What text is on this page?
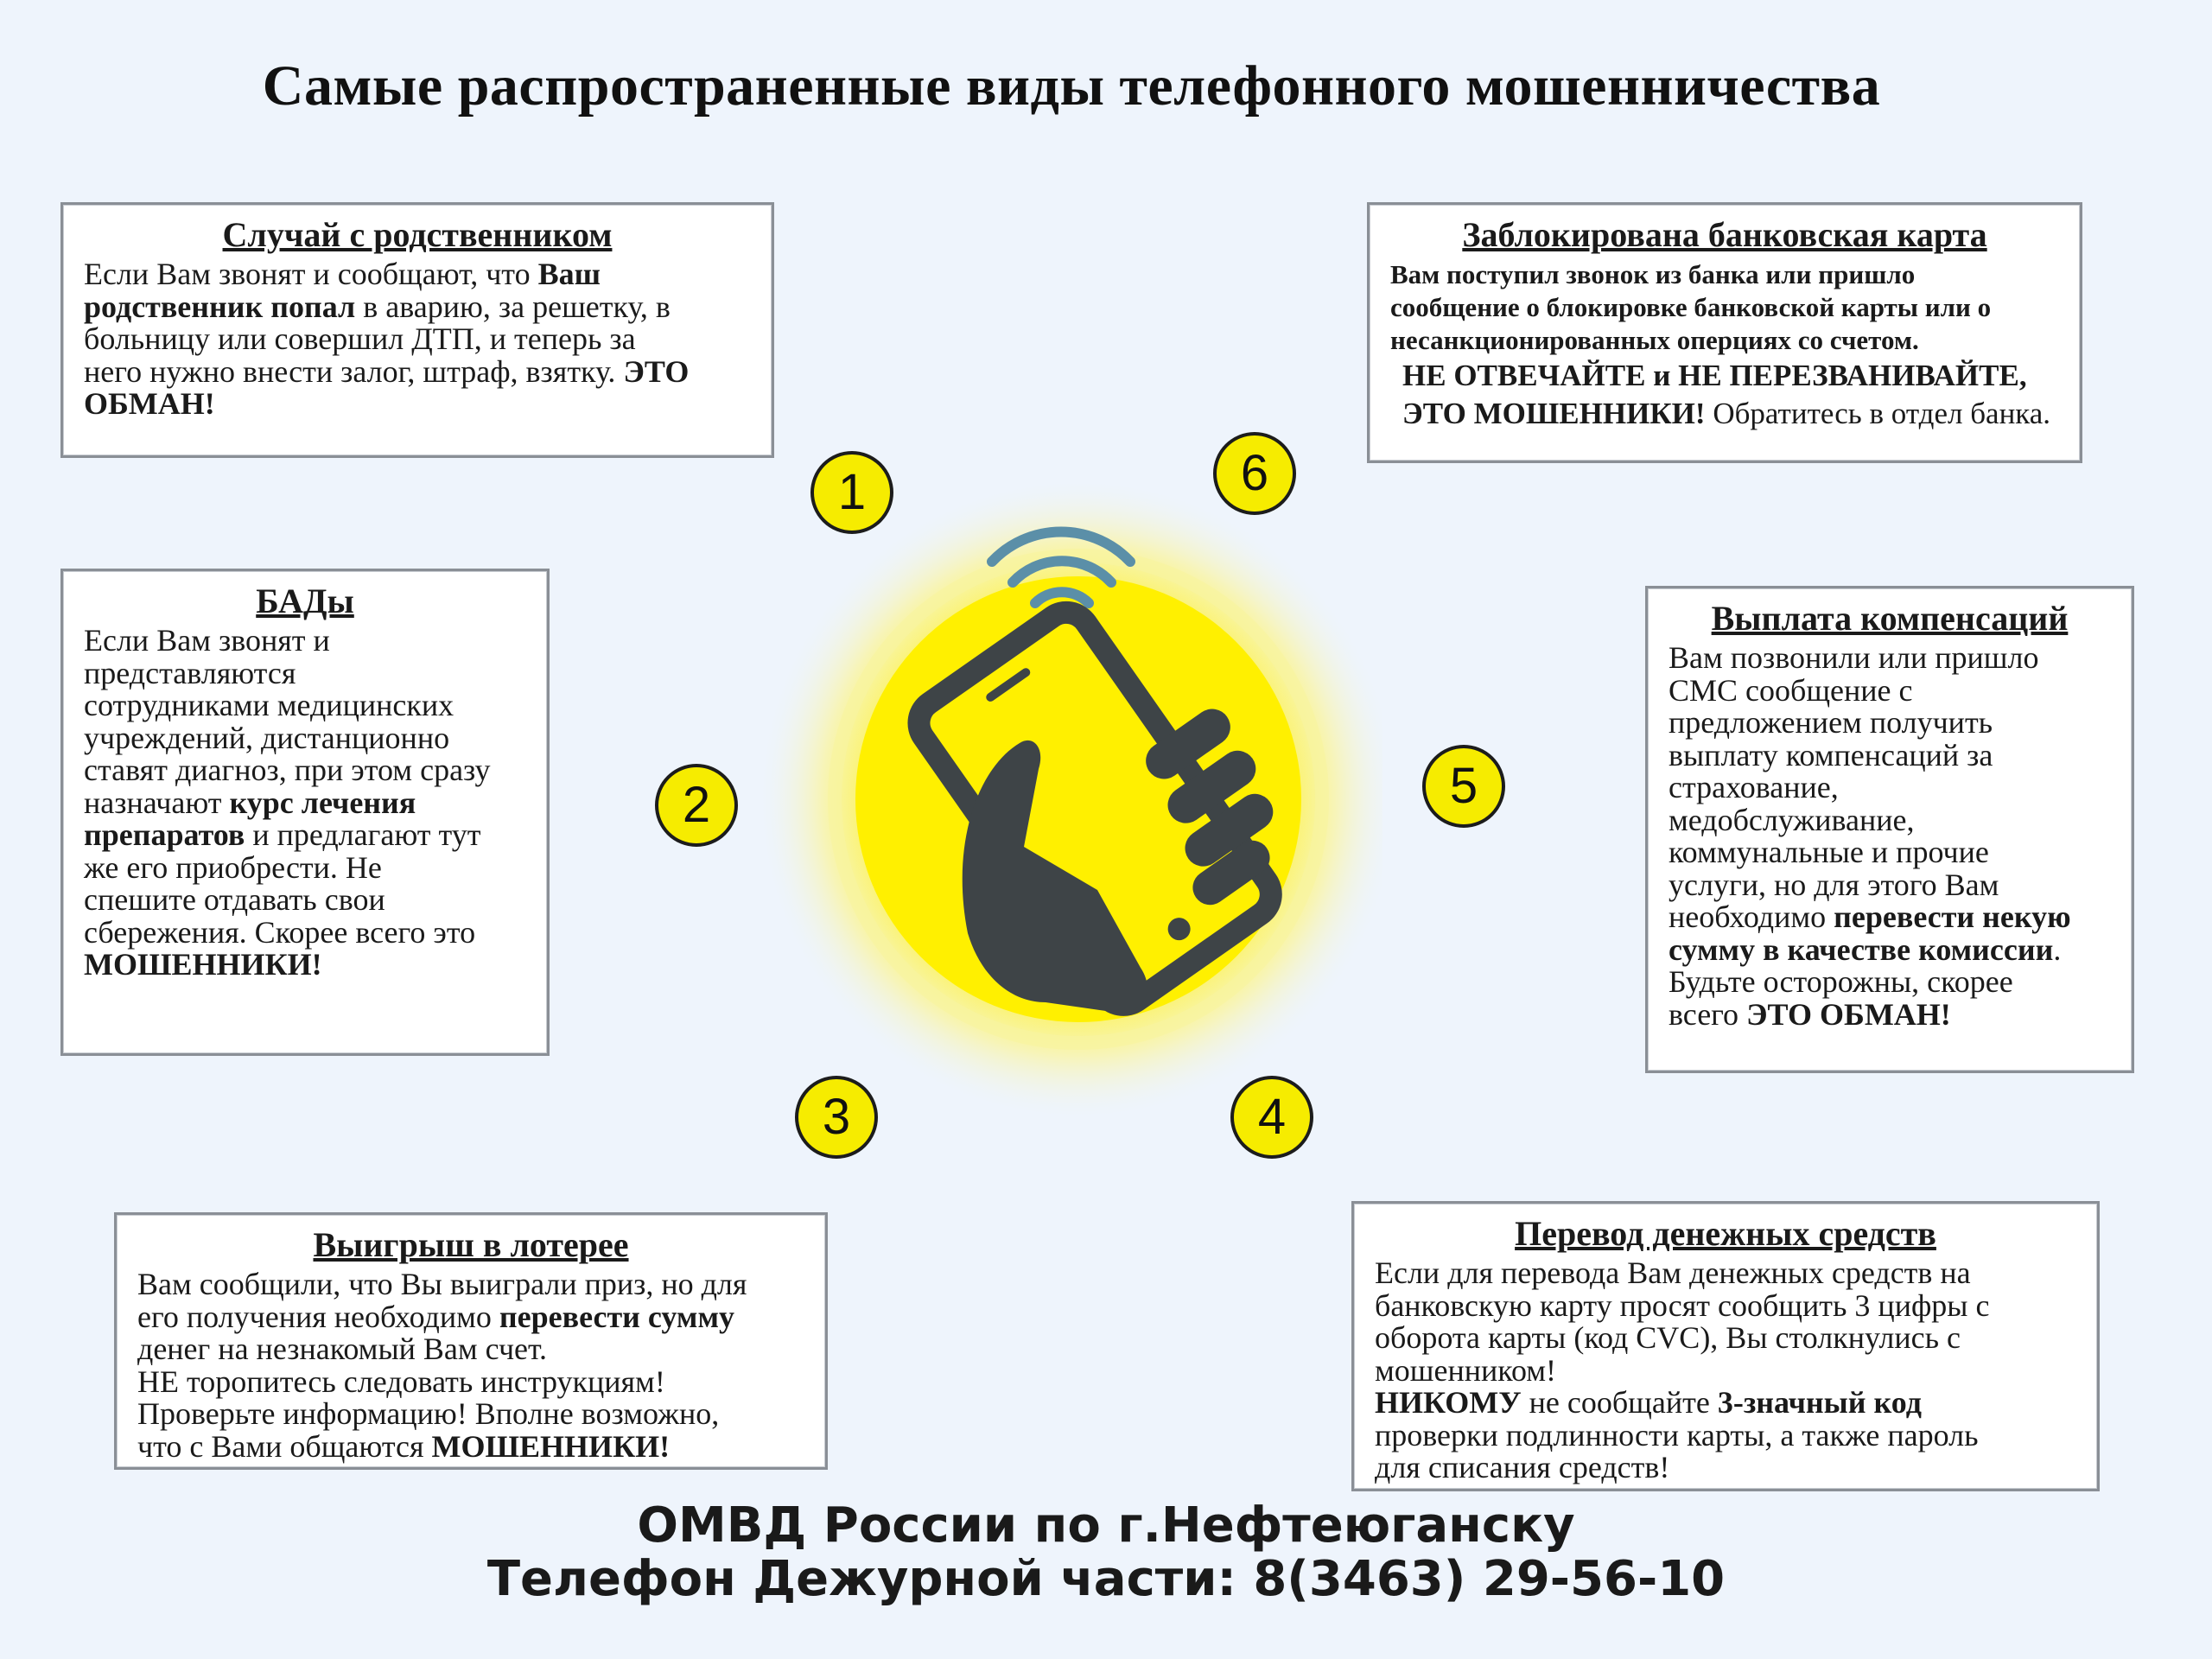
Самые распространенные виды телефонного мошенничества
1
2
3	4
5
6
Случай с родственником
Если Вам звонят и сообщают, что Ваш
родственник попал в аварию, за решетку, в
больницу или совершил ДТП, и теперь за
него нужно внести залог, штраф, взятку. ЭТО
ОБМАН!
БАДы
Если Вам звонят и
представляются
сотрудниками медицинских
учреждений, дистанционно
ставят диагноз, при этом сразу
назначают курс лечения
препаратов и предлагают тут
же его приобрести. Не
спешите отдавать свои
сбережения. Скорее всего это
МОШЕННИКИ!
Выигрыш в лотерее
Вам сообщили, что Вы выиграли приз, но для
его получения необходимо перевести сумму
денег на незнакомый Вам счет.
НЕ торопитесь следовать инструкциям!
Проверьте информацию! Вполне возможно,
что с Вами общаются МОШЕННИКИ!
Перевод денежных средств
Если для перевода Вам денежных средств на
банковскую карту просят сообщить 3 цифры с
оборота карты (код CVC), Вы столкнулись с
мошенником!
НИКОМУ не сообщайте 3-значный код
проверки подлинности карты, а также пароль
для списания средств!
Выплата компенсаций
Вам позвонили или пришло
СМС сообщение с
предложением получить
выплату компенсаций за
страхование,
медобслуживание,
коммунальные и прочие
услуги, но для этого Вам
необходимо перевести некую
сумму в качестве комиссии.
Будьте осторожны, скорее
всего ЭТО ОБМАН!
Заблокирована банковская карта
Вам поступил звонок из банка или пришло
сообщение о блокировке банковской карты или о
несанкционированных оперциях со счетом.
НЕ ОТВЕЧАЙТЕ и НЕ ПЕРЕЗВАНИВАЙТЕ,
ЭТО МОШЕННИКИ! Обратитесь в отдел банка.
ОМВД России по г.Нефтеюганску
Телефон Дежурной части: 8(3463) 29-56-10
